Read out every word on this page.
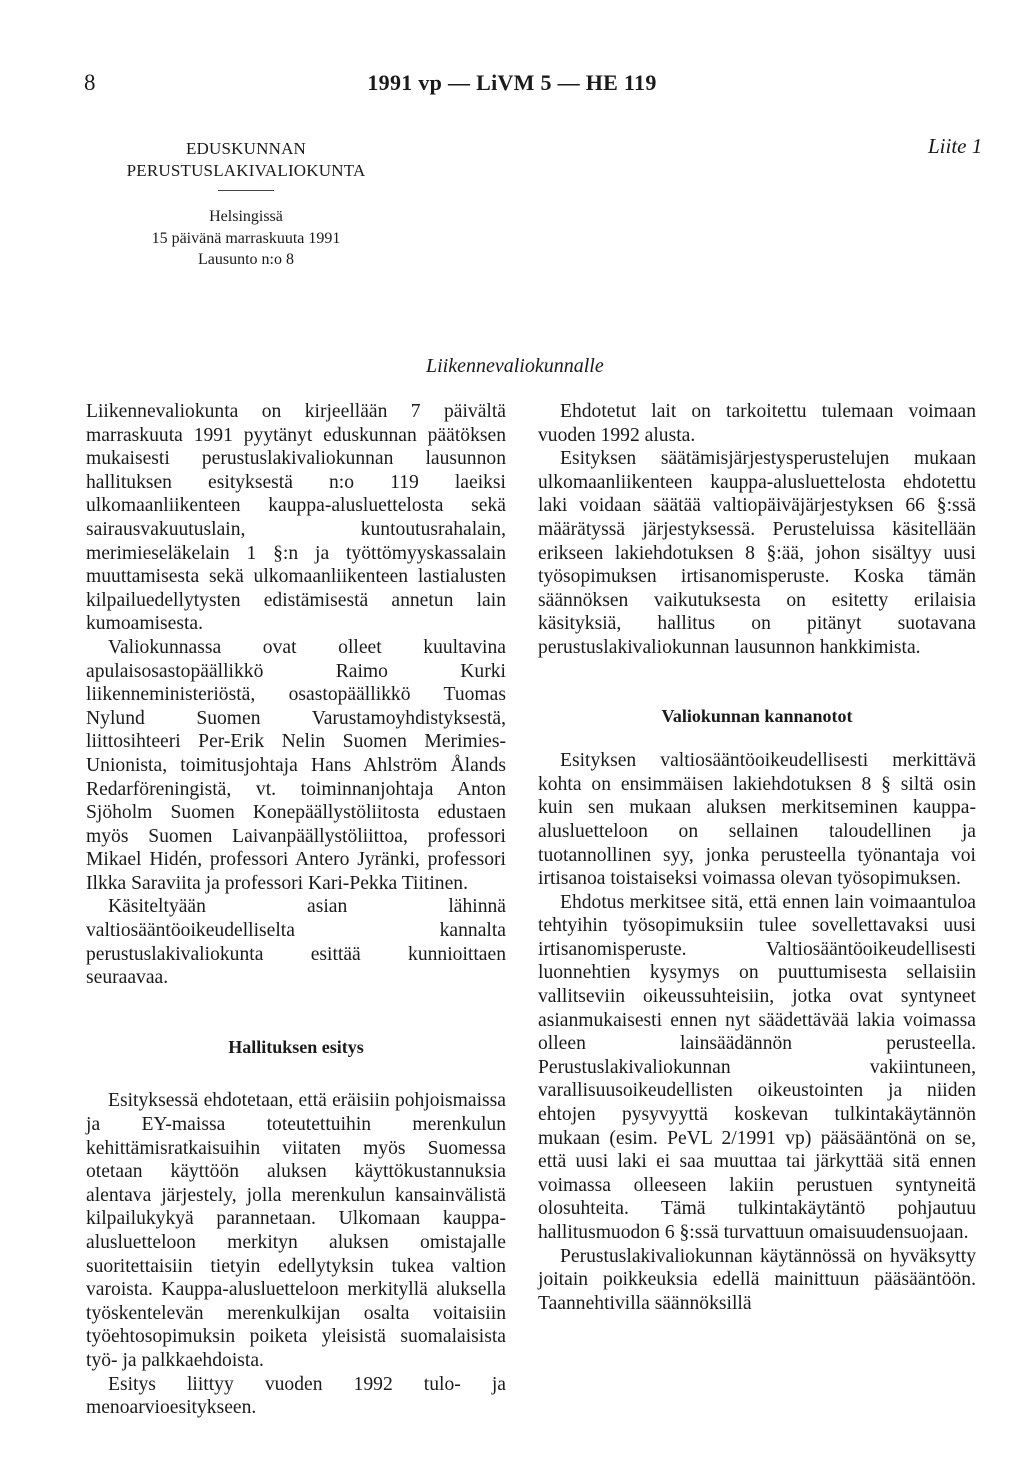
8	1991 vp — LiVM 5 — HE 119
Liite 1
EDUSKUNNAN
PERUSTUSLAKIVALIOKUNTA
Helsingissä
15 päivänä marraskuuta 1991
Lausunto n:o 8
Liikennevaliokunnalle

Liikennevaliokunta on kirjeellään 7 päivältä marraskuuta 1991 pyytänyt eduskunnan päätöksen mukaisesti perustuslakivaliokunnan lausunnon hallituksen esityksestä n:o 119 laeiksi ulkomaanliikenteen kauppa-alusluettelosta sekä sairausvakuutuslain, kuntoutusrahalain, merimieseläkelain 1 §:n ja työttömyyskassalain muuttamisesta sekä ulkomaanliikenteen lastialusten kilpailuedellytysten edistämisestä annetun lain kumoamisesta.

Valiokunnassa ovat olleet kuultavina apulaisosastopäällikkö Raimo Kurki liikenneministeriöstä, osastopäällikkö Tuomas Nylund Suomen Varustamoyhdistyksestä, liittosihteeri Per-Erik Nelin Suomen Merimies-Unionista, toimitusjohtaja Hans Ahlström Ålands Redarföreningistä, vt. toiminnanjohtaja Anton Sjöholm Suomen Konepäällystöliitosta edustaen myös Suomen Laivanpäällystöliittoa, professori Mikael Hidén, professori Antero Jyränki, professori Ilkka Saraviita ja professori Kari-Pekka Tiitinen.

Käsiteltyään asian lähinnä valtiosääntöoikeudelliselta kannalta perustuslakivaliokunta esittää kunnioittaen seuraavaa.

Hallituksen esitys

Esityksessä ehdotetaan, että eräisiin pohjoismaissa ja EY-maissa toteutettuihin merenkulun kehittämisratkaisuihin viitaten myös Suomessa otetaan käyttöön aluksen käyttökustannuksia alentava järjestely, jolla merenkulun kansainvälistä kilpailukykyä parannetaan. Ulkomaan kauppa-alusluetteloon merkityn aluksen omistajalle suoritettaisiin tietyin edellytyksin tukea valtion varoista. Kauppa-alusluetteloon merkityllä aluksella työskentelevän merenkulkijan osalta voitaisiin työehtosopimuksin poiketa yleisistä suomalaisista työ- ja palkkaehdoista.

Esitys liittyy vuoden 1992 tulo- ja menoarvioesitykseen.

Ehdotetut lait on tarkoitettu tulemaan voimaan vuoden 1992 alusta.

Esityksen säätämisjärjestysperustelujen mukaan ulkomaanliikenteen kauppa-alusluettelosta ehdotettu laki voidaan säätää valtiopäiväjärjestyksen 66 §:ssä määrätyssä järjestyksessä. Perusteluissa käsitellään erikseen lakiehdotuksen 8 §:ää, johon sisältyy uusi työsopimuksen irtisanomisperuste. Koska tämän säännöksen vaikutuksesta on esitetty erilaisia käsityksiä, hallitus on pitänyt suotavana perustuslakivaliokunnan lausunnon hankkimista.

Valiokunnan kannanotot

Esityksen valtiosääntöoikeudellisesti merkittävä kohta on ensimmäisen lakiehdotuksen 8 § siltä osin kuin sen mukaan aluksen merkitseminen kauppa-alusluetteloon on sellainen taloudellinen ja tuotannollinen syy, jonka perusteella työnantaja voi irtisanoa toistaiseksi voimassa olevan työsopimuksen.

Ehdotus merkitsee sitä, että ennen lain voimaantuloa tehtyihin työsopimuksiin tulee sovellettavaksi uusi irtisanomisperuste. Valtiosääntöoikeudellisesti luonnehtien kysymys on puuttumisesta sellaisiin vallitseviin oikeussuhteisiin, jotka ovat syntyneet asianmukaisesti ennen nyt säädettävää lakia voimassa olleen lainsäädännön perusteella. Perustuslakivaliokunnan vakiintuneen, varallisuusoikeudellisten oikeustointen ja niiden ehtojen pysyvyyttä koskevan tulkintakäytännön mukaan (esim. PeVL 2/1991 vp) pääsääntönä on se, että uusi laki ei saa muuttaa tai järkyttää sitä ennen voimassa olleeseen lakiin perustuen syntyneitä olosuhteita. Tämä tulkintakäytäntö pohjautuu hallitusmuodon 6 §:ssä turvattuun omaisuudensuojaan.

Perustuslakivaliokunnan käytännössä on hyväksytty joitain poikkeuksia edellä mainittuun pääsääntöön. Taannehtivilla säännöksillä
